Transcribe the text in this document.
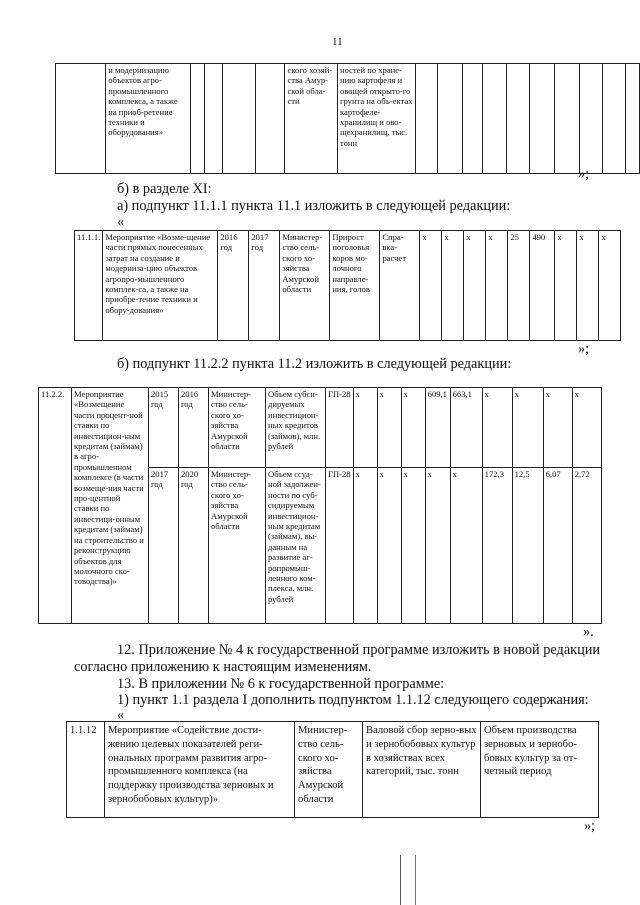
11
	и модернизацию объектов агро-промышленного комплекса, а также на приоб-ретение техники и оборудования»					ского хозяй-ства Амур-ской обла-сти	ностей по хране-нию картофеля и овощей открыто-го грунта на объ-ектах картофеле-хранилищ и ово-щехранилищ, тыс. тонн										
»;
б) в разделе XI:
а) подпункт 11.1.1 пункта 11.1 изложить в следующей редакции:
«
11.1.1.	Мероприятие «Возме-щение части прямых понесенных затрат на создание и модерниза-цию объектов агропро-мышленного комплек-са, а также на приобре-тение техники и обору-дования»	2016 год	2017 год	Министер-ство сель-ского хо-зяйства Амурской области	Прирост поголовья коров мо-лочного направле-ния, голов	Спра-вка-расчет	x	x	x	x	25	490	x	x	x
»;
б) подпункт 11.2.2 пункта 11.2 изложить в следующей редакции:
11.2.2.	Мероприятие «Возмещение части процент-ной ставки по инвестицион-ным кредитам (займам) в агро-промышленном комплексе (в части возмеще-ния части про-центной ставки по инвестици-онным кредитам (займам) на строительство и реконструкцию объектов для молочного ско-товодства)»	2015 год	2016 год	Министер-ство сель-ского хо-зяйства Амурской области	Объем субси-дируемых инвестицион-ных кредитов (займов), млн. рублей	ГП-28	x	x	x	609,1	663,1	x	x	x	x
		2017 год	2020 год	Министер-ство сель-ского хо-зяйства Амурской области	Объем ссуд-ной задолжен-ности по суб-сидируемым инвестицион-ным кредитам (займам), вы-данным на развитие аг-ропромыш-ленного ком-плекса, млн. рублей	ГП-28	x	x	x	x	x	172,3	12,5	6,07	2,72
».
12. Приложение № 4 к государственной программе изложить в новой редакции
согласно приложению к настоящим изменениям.
13. В приложении № 6 к государственной программе:
1) пункт 1.1 раздела I дополнить подпунктом 1.1.12 следующего содержания:
«
1.1.12	Мероприятие «Содействие дости-жению целевых показателей реги-ональных программ развития агро-промышленного комплекса (на поддержку производства зерновых и зернобобовых культур)»	Министер-ство сель-ского хо-зяйства Амурской области	Валовой сбор зерно-вых и зернобобовых культур в хозяйствах всех категорий, тыс. тонн	Объем производства зерновых и зернобо-бовых культур за от-четный период
»;
